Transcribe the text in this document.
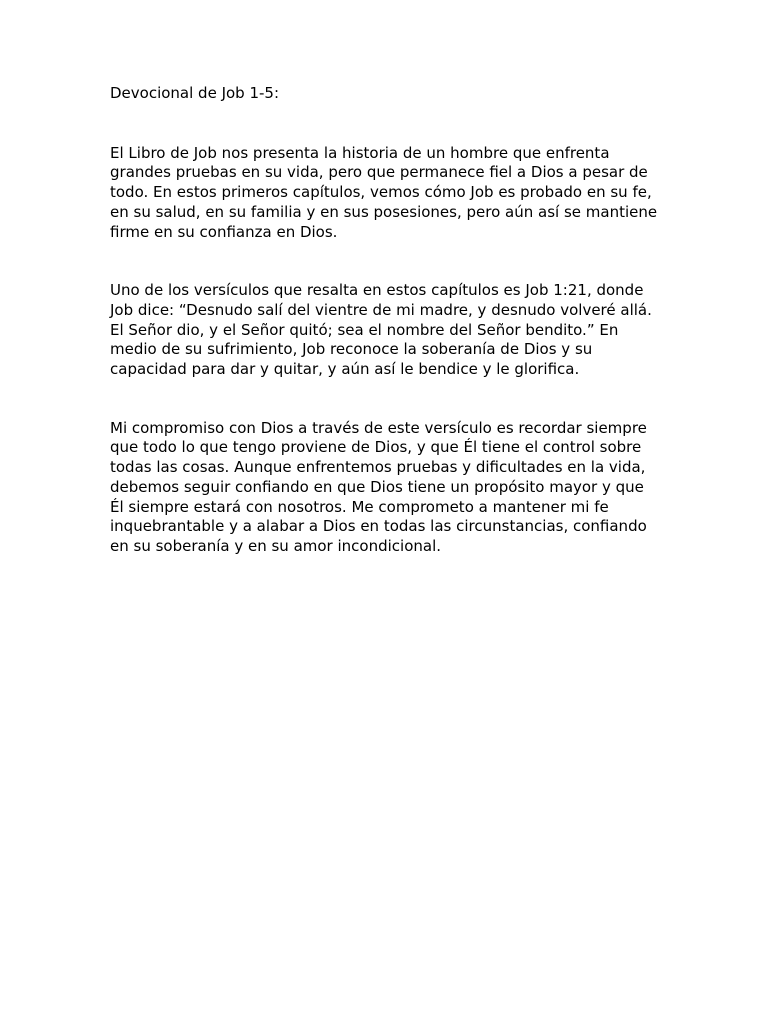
Devocional de Job 1-5:

El Libro de Job nos presenta la historia de un hombre que enfrenta grandes pruebas en su vida, pero que permanece fiel a Dios a pesar de todo. En estos primeros capítulos, vemos cómo Job es probado en su fe, en su salud, en su familia y en sus posesiones, pero aún así se mantiene firme en su confianza en Dios.

Uno de los versículos que resalta en estos capítulos es Job 1:21, donde Job dice: “Desnudo salí del vientre de mi madre, y desnudo volveré allá. El Señor dio, y el Señor quitó; sea el nombre del Señor bendito.” En medio de su sufrimiento, Job reconoce la soberanía de Dios y su capacidad para dar y quitar, y aún así le bendice y le glorifica.

Mi compromiso con Dios a través de este versículo es recordar siempre que todo lo que tengo proviene de Dios, y que Él tiene el control sobre todas las cosas. Aunque enfrentemos pruebas y dificultades en la vida, debemos seguir confiando en que Dios tiene un propósito mayor y que Él siempre estará con nosotros. Me comprometo a mantener mi fe inquebrantable y a alabar a Dios en todas las circunstancias, confiando en su soberanía y en su amor incondicional.
